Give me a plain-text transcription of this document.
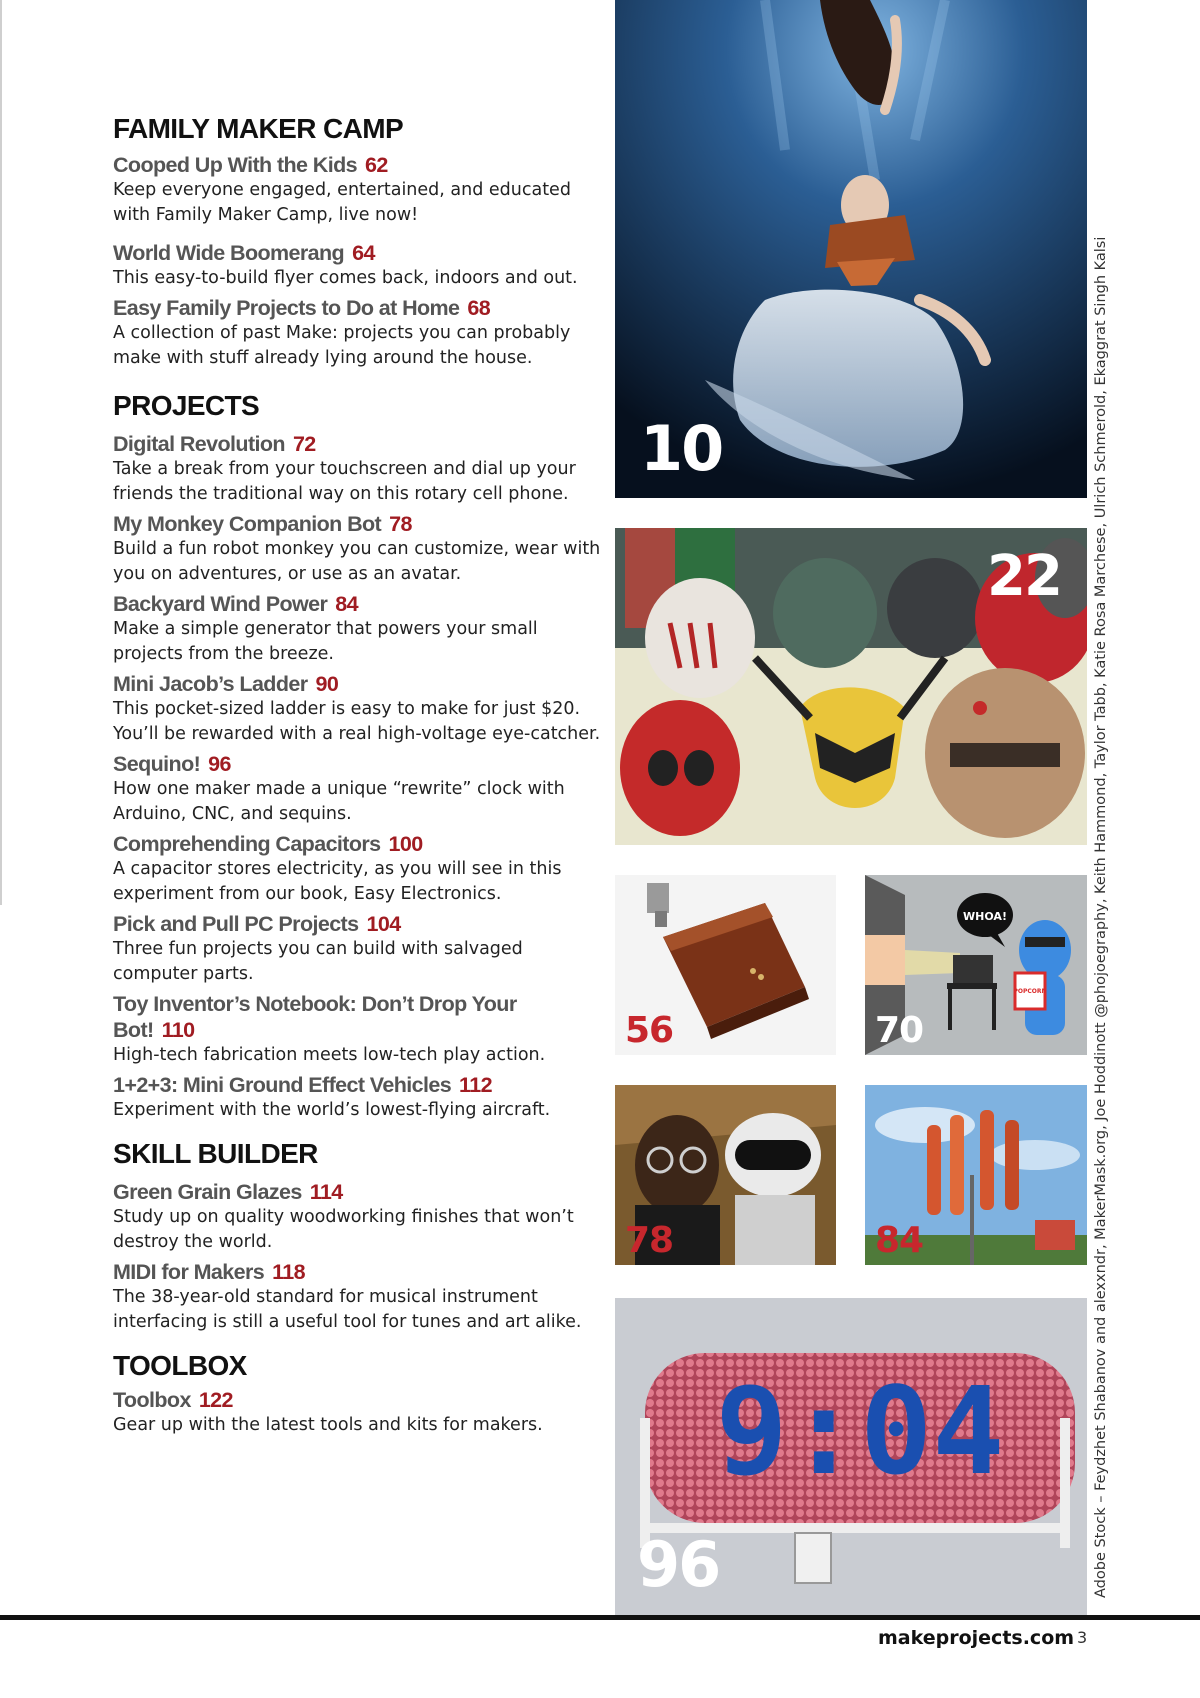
FAMILY MAKER CAMP
Cooped Up With the Kids 62
Keep everyone engaged, entertained, and educated with Family Maker Camp, live now!
World Wide Boomerang 64
This easy-to-build flyer comes back, indoors and out.
Easy Family Projects to Do at Home 68
A collection of past Make: projects you can probably make with stuff already lying around the house.
PROJECTS
Digital Revolution 72
Take a break from your touchscreen and dial up your friends the traditional way on this rotary cell phone.
My Monkey Companion Bot 78
Build a fun robot monkey you can customize, wear with you on adventures, or use as an avatar.
Backyard Wind Power 84
Make a simple generator that powers your small projects from the breeze.
Mini Jacob’s Ladder 90
This pocket-sized ladder is easy to make for just $20. You’ll be rewarded with a real high-voltage eye-catcher.
Sequino! 96
How one maker made a unique “rewrite” clock with Arduino, CNC, and sequins.
Comprehending Capacitors 100
A capacitor stores electricity, as you will see in this experiment from our book, Easy Electronics.
Pick and Pull PC Projects 104
Three fun projects you can build with salvaged computer parts.
Toy Inventor’s Notebook: Don’t Drop Your Bot! 110
High-tech fabrication meets low-tech play action.
1+2+3: Mini Ground Effect Vehicles 112
Experiment with the world’s lowest-flying aircraft.
SKILL BUILDER
Green Grain Glazes 114
Study up on quality woodworking finishes that won’t destroy the world.
MIDI for Makers 118
The 38-year-old standard for musical instrument interfacing is still a useful tool for tunes and art alike.
TOOLBOX
Toolbox 122
Gear up with the latest tools and kits for makers.
10
22
56
WHOA!
POPCORN
70
78	84
9:04
96	Adobe Stock – Feydzhet Shabanov and alexxndr, MakerMask.org, Joe Hoddinott @phojoegraphy, Keith Hammond, Taylor Tabb, Katie Rosa Marchese, Ulrich Schmerold, Ekaggrat Singh Kalsi
makeprojects.com 3
